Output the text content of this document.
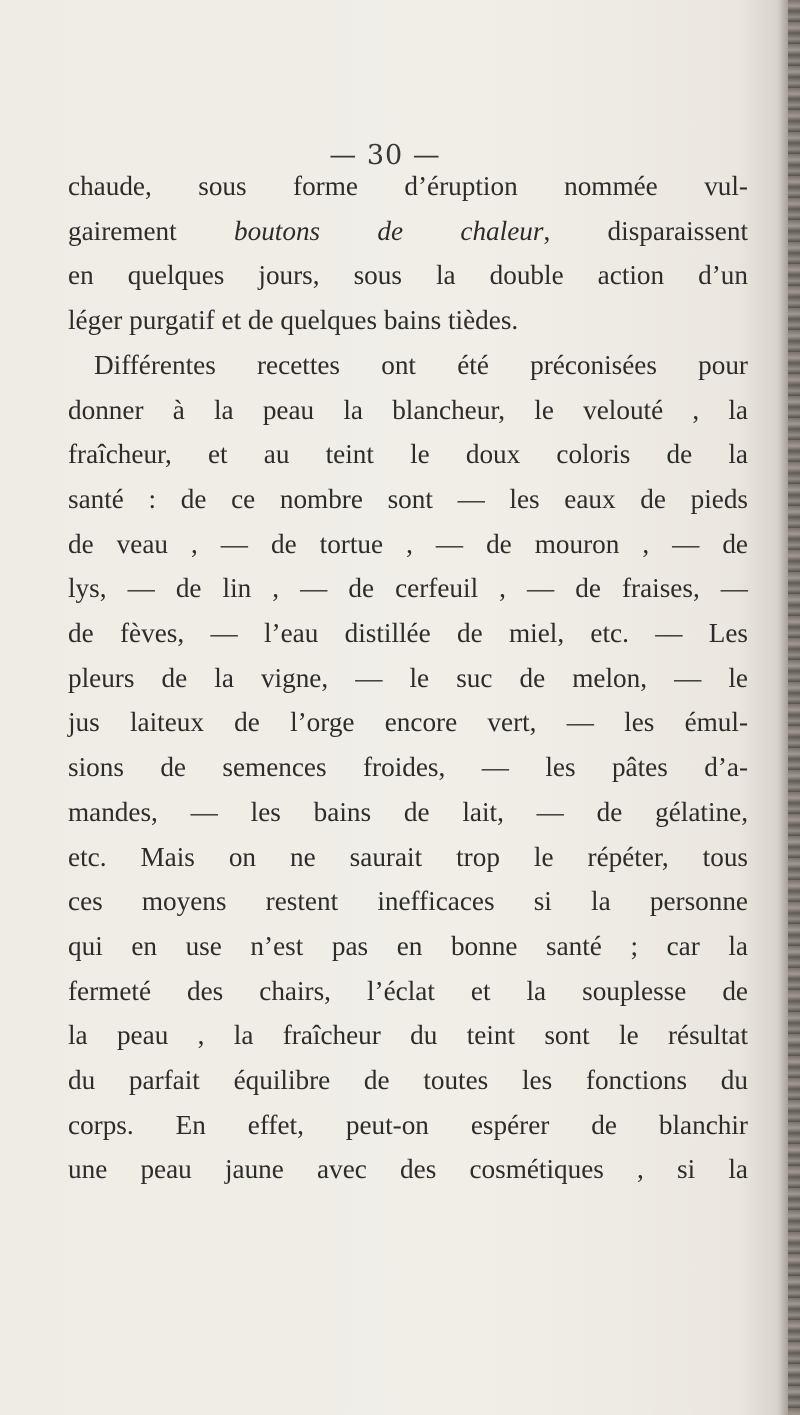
— 30 —
chaude, sous forme d’éruption nommée vul-
gairement boutons de chaleur, disparaissent
en quelques jours, sous la double action d’un
léger purgatif et de quelques bains tièdes.
Différentes recettes ont été préconisées pour
donner à la peau la blancheur, le velouté , la
fraîcheur, et au teint le doux coloris de la
santé : de ce nombre sont — les eaux de pieds
de veau , — de tortue , — de mouron , — de
lys, — de lin , — de cerfeuil , — de fraises, —
de fèves, — l’eau distillée de miel, etc. — Les
pleurs de la vigne, — le suc de melon, — le
jus laiteux de l’orge encore vert, — les émul-
sions de semences froides, — les pâtes d’a-
mandes, — les bains de lait, — de gélatine,
etc. Mais on ne saurait trop le répéter, tous
ces moyens restent inefficaces si la personne
qui en use n’est pas en bonne santé ; car la
fermeté des chairs, l’éclat et la souplesse de
la peau , la fraîcheur du teint sont le résultat
du parfait équilibre de toutes les fonctions du
corps. En effet, peut-on espérer de blanchir
une peau jaune avec des cosmétiques , si la
